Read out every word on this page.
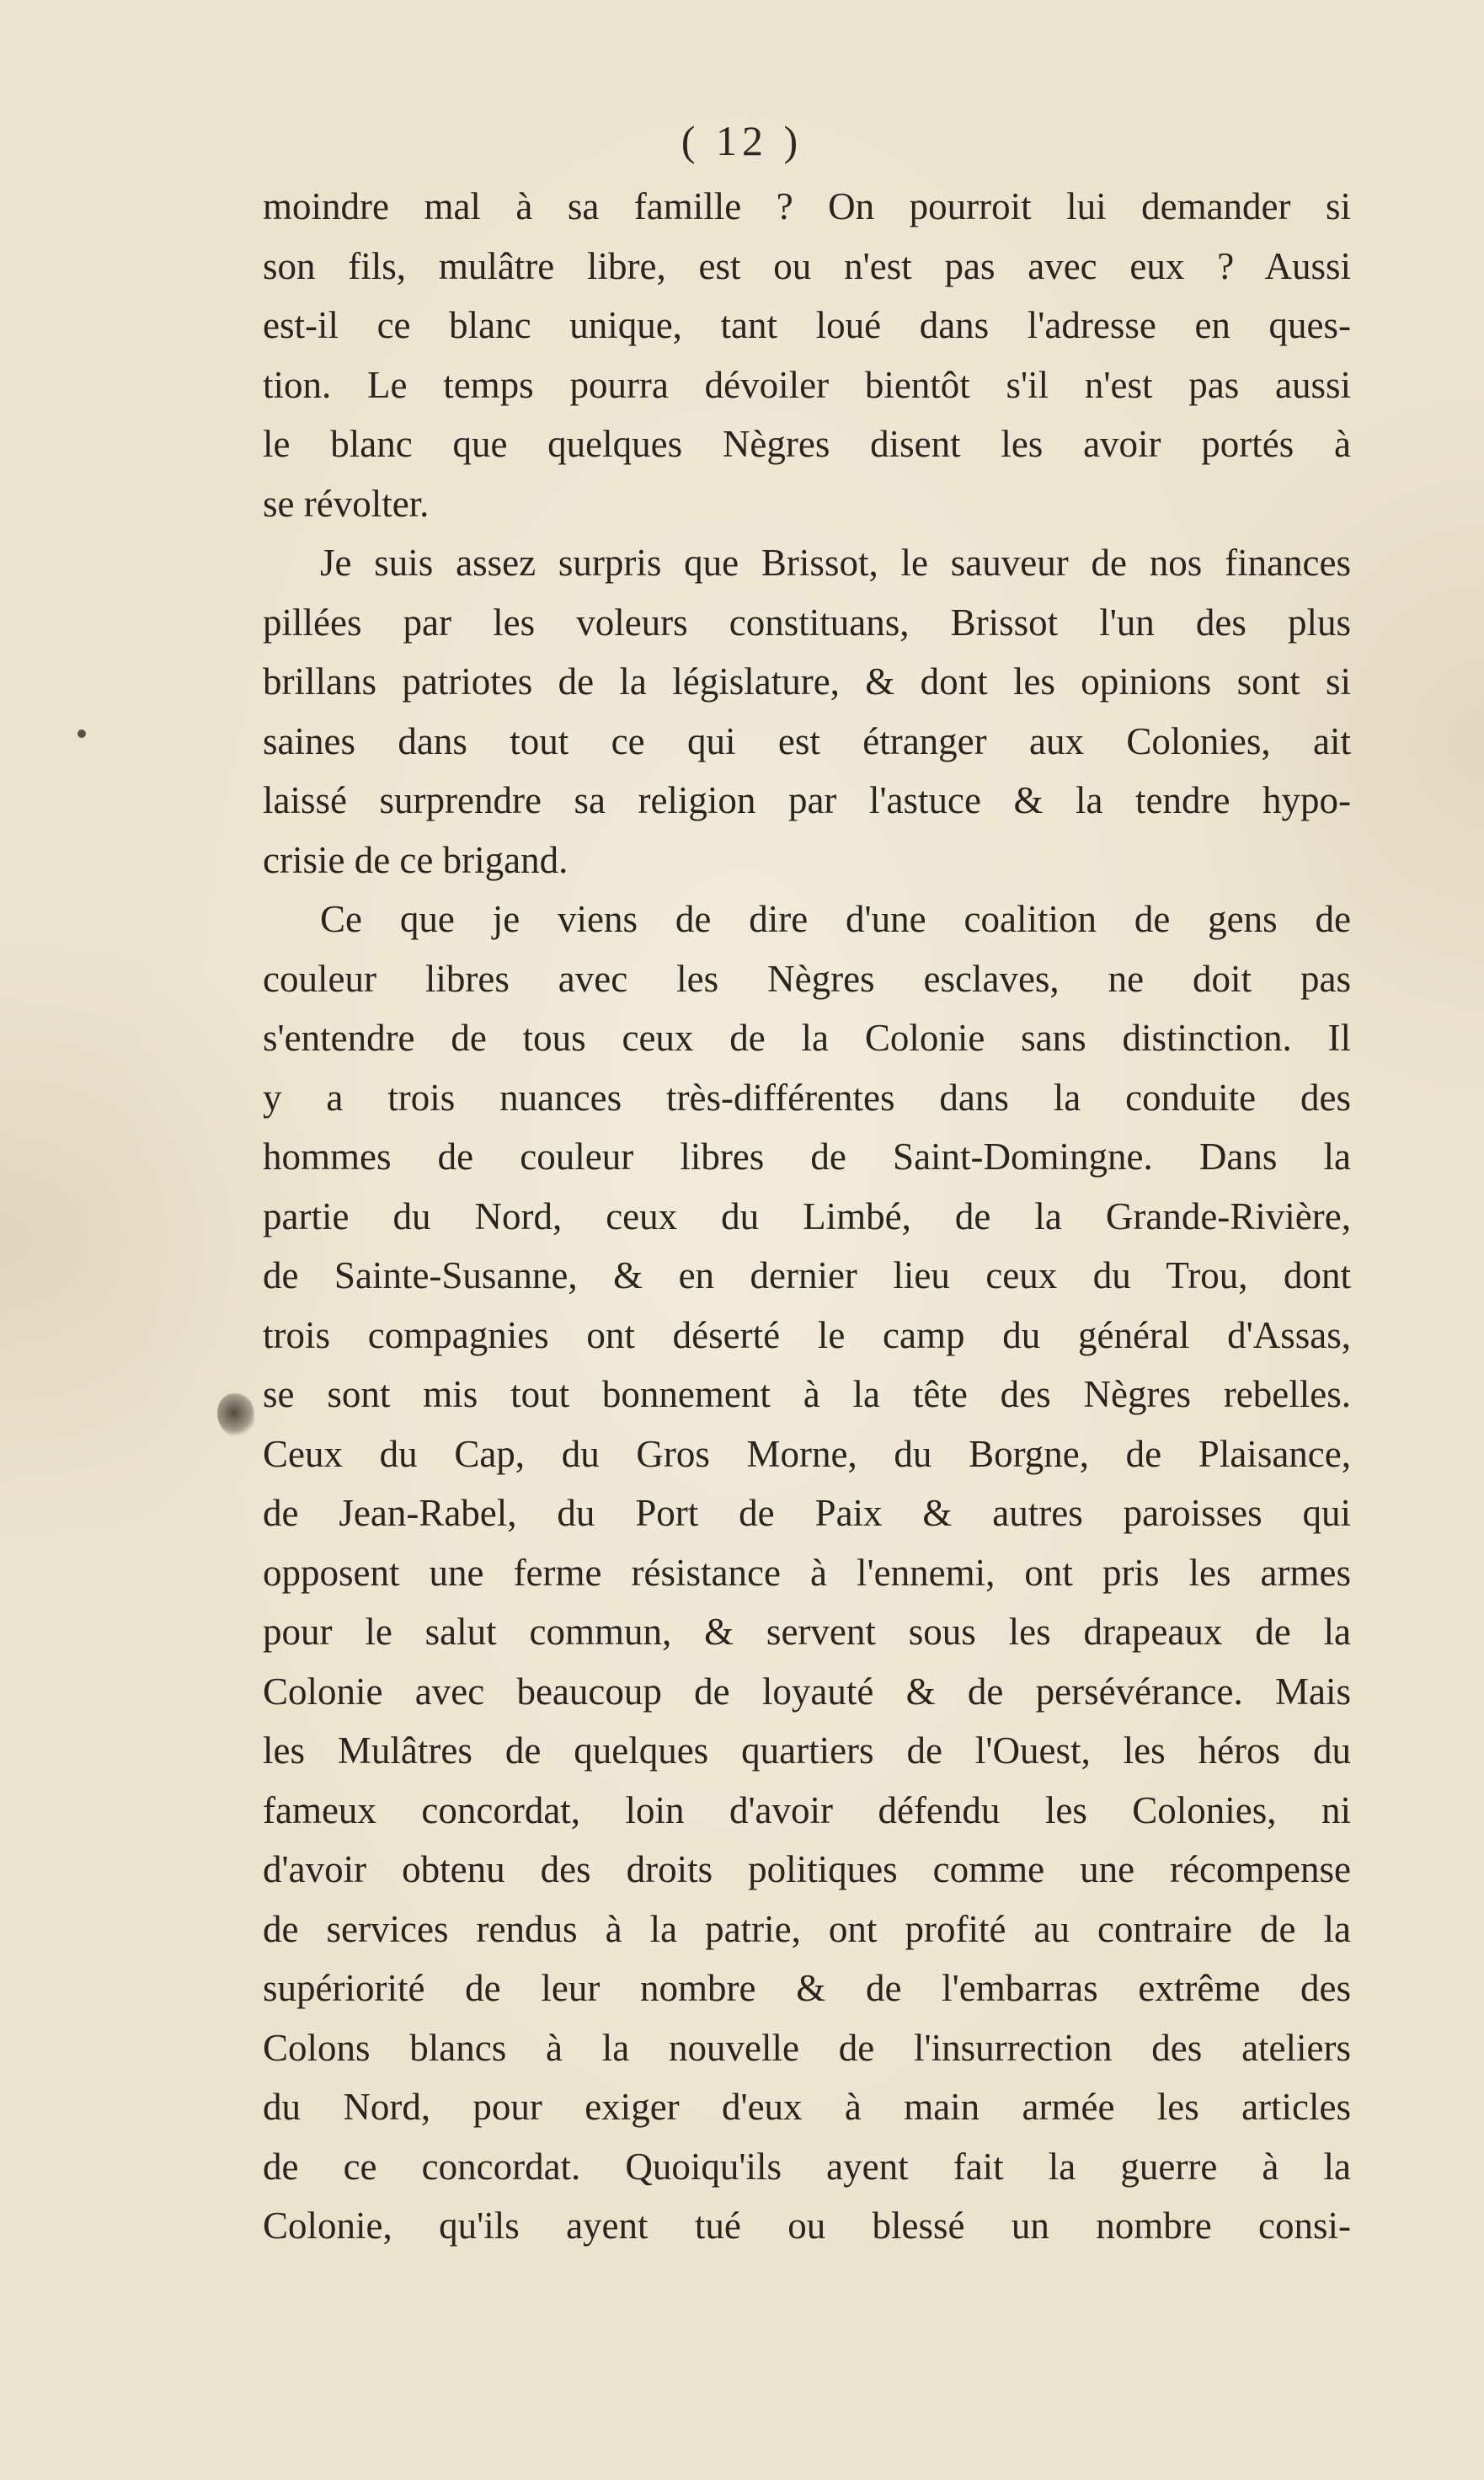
( 12 )
moindre mal à sa famille ? On pourroit lui demander si
son fils, mulâtre libre, est ou n'est pas avec eux ? Aussi
est-il ce blanc unique, tant loué dans l'adresse en ques-
tion. Le temps pourra dévoiler bientôt s'il n'est pas aussi
le blanc que quelques Nègres disent les avoir portés à
se révolter.
Je suis assez surpris que Brissot, le sauveur de nos finances
pillées par les voleurs constituans, Brissot l'un des plus
brillans patriotes de la législature, & dont les opinions sont si
saines dans tout ce qui est étranger aux Colonies, ait
laissé surprendre sa religion par l'astuce & la tendre hypo-
crisie de ce brigand.
Ce que je viens de dire d'une coalition de gens de
couleur libres avec les Nègres esclaves, ne doit pas
s'entendre de tous ceux de la Colonie sans distinction. Il
y a trois nuances très-différentes dans la conduite des
hommes de couleur libres de Saint-Domingne. Dans la
partie du Nord, ceux du Limbé, de la Grande-Rivière,
de Sainte-Susanne, & en dernier lieu ceux du Trou, dont
trois compagnies ont déserté le camp du général d'Assas,
se sont mis tout bonnement à la tête des Nègres rebelles.
Ceux du Cap, du Gros Morne, du Borgne, de Plaisance,
de Jean-Rabel, du Port de Paix & autres paroisses qui
opposent une ferme résistance à l'ennemi, ont pris les armes
pour le salut commun, & servent sous les drapeaux de la
Colonie avec beaucoup de loyauté & de persévérance. Mais
les Mulâtres de quelques quartiers de l'Ouest, les héros du
fameux concordat, loin d'avoir défendu les Colonies, ni
d'avoir obtenu des droits politiques comme une récompense
de services rendus à la patrie, ont profité au contraire de la
supériorité de leur nombre & de l'embarras extrême des
Colons blancs à la nouvelle de l'insurrection des ateliers
du Nord, pour exiger d'eux à main armée les articles
de ce concordat. Quoiqu'ils ayent fait la guerre à la
Colonie, qu'ils ayent tué ou blessé un nombre consi-
